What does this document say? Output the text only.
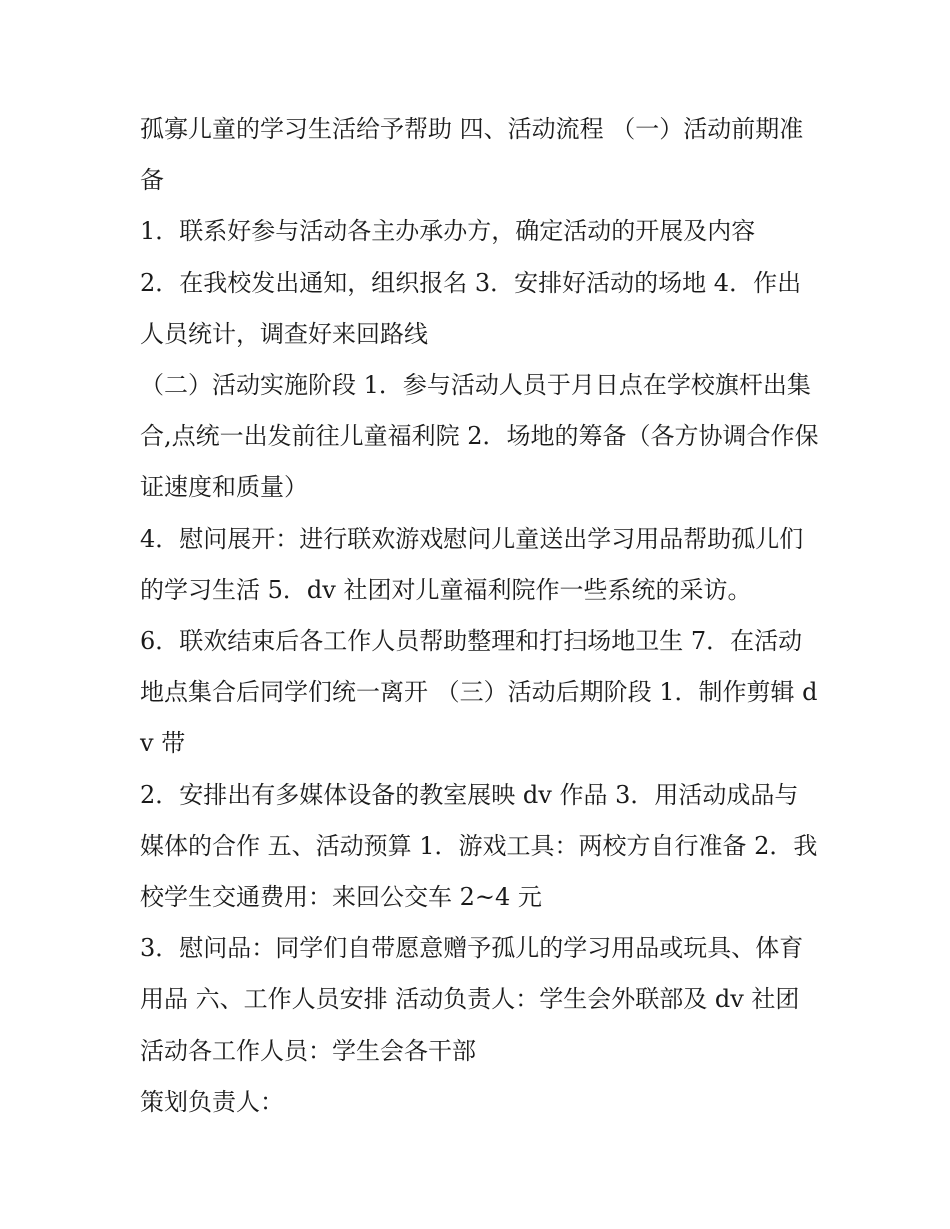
孤寡儿童的学习生活给予帮助 四、活动流程 （一）活动前期准备

1．联系好参与活动各主办承办方，确定活动的开展及内容

2．在我校发出通知，组织报名 3．安排好活动的场地 4．作出人员统计，调查好来回路线

（二）活动实施阶段 1．参与活动人员于月日点在学校旗杆出集合,点统一出发前往儿童福利院 2．场地的筹备（各方协调合作保证速度和质量）

4．慰问展开：进行联欢游戏慰问儿童送出学习用品帮助孤儿们的学习生活 5．dv 社团对儿童福利院作一些系统的采访。

6．联欢结束后各工作人员帮助整理和打扫场地卫生 7．在活动地点集合后同学们统一离开 （三）活动后期阶段 1．制作剪辑 dv 带

2．安排出有多媒体设备的教室展映 dv 作品 3．用活动成品与媒体的合作 五、活动预算 1．游戏工具：两校方自行准备 2．我校学生交通费用：来回公交车 2~4 元

3．慰问品：同学们自带愿意赠予孤儿的学习用品或玩具、体育用品 六、工作人员安排 活动负责人：学生会外联部及 dv 社团 活动各工作人员：学生会各干部

策划负责人：
